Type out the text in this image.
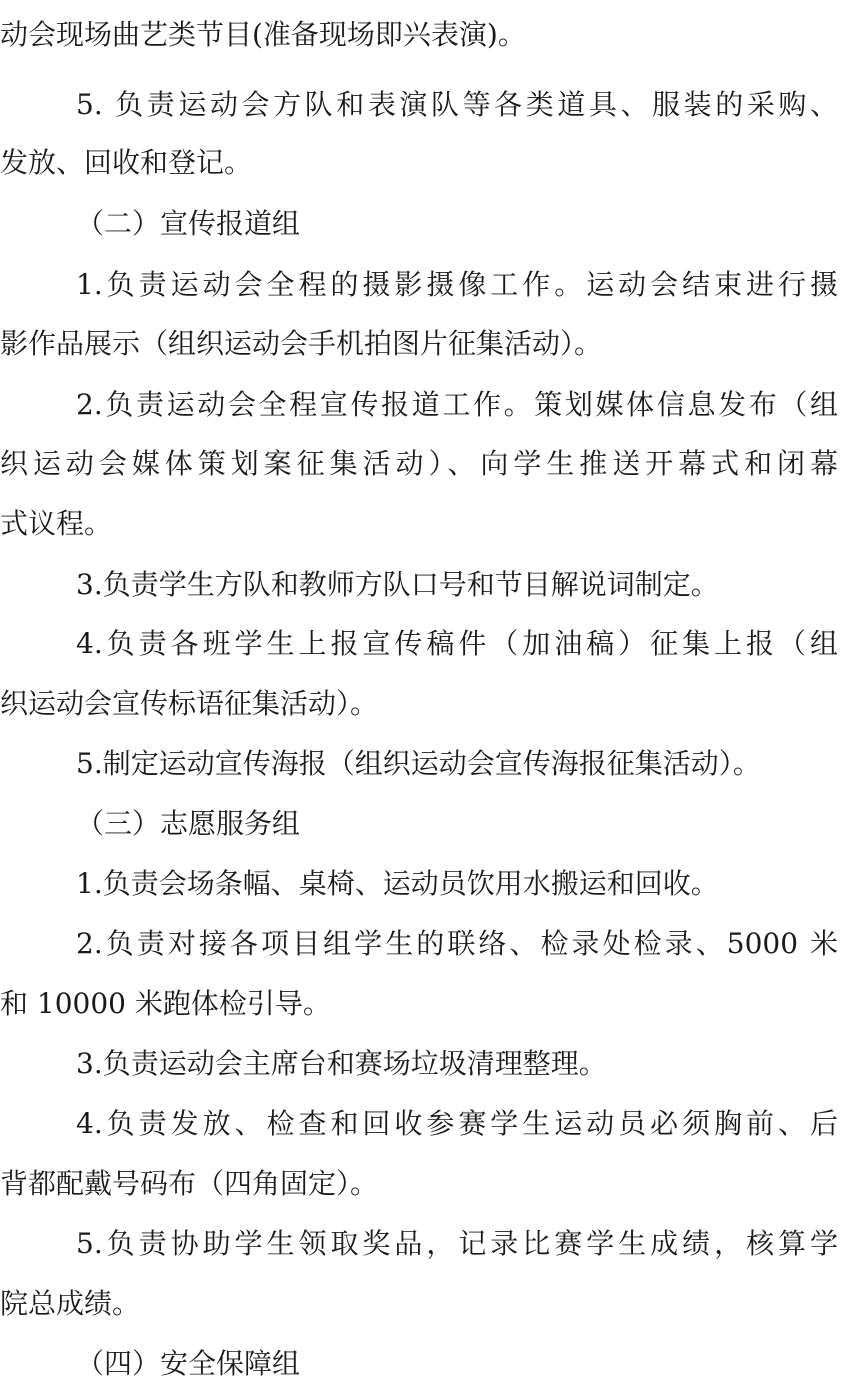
动会现场曲艺类节目(准备现场即兴表演)。
5. 负责运动会方队和表演队等各类道具、服装的采购、
发放、回收和登记。
（二）宣传报道组
1.负责运动会全程的摄影摄像工作。运动会结束进行摄
影作品展示（组织运动会手机拍图片征集活动）。
2.负责运动会全程宣传报道工作。策划媒体信息发布（组
织运动会媒体策划案征集活动）、向学生推送开幕式和闭幕
式议程。
3.负责学生方队和教师方队口号和节目解说词制定。
4.负责各班学生上报宣传稿件（加油稿）征集上报（组
织运动会宣传标语征集活动）。
5.制定运动宣传海报（组织运动会宣传海报征集活动）。
（三）志愿服务组
1.负责会场条幅、桌椅、运动员饮用水搬运和回收。
2.负责对接各项目组学生的联络、检录处检录、5000 米
和 10000 米跑体检引导。
3.负责运动会主席台和赛场垃圾清理整理。
4.负责发放、检查和回收参赛学生运动员必须胸前、后
背都配戴号码布（四角固定）。
5.负责协助学生领取奖品，记录比赛学生成绩，核算学
院总成绩。
（四）安全保障组
